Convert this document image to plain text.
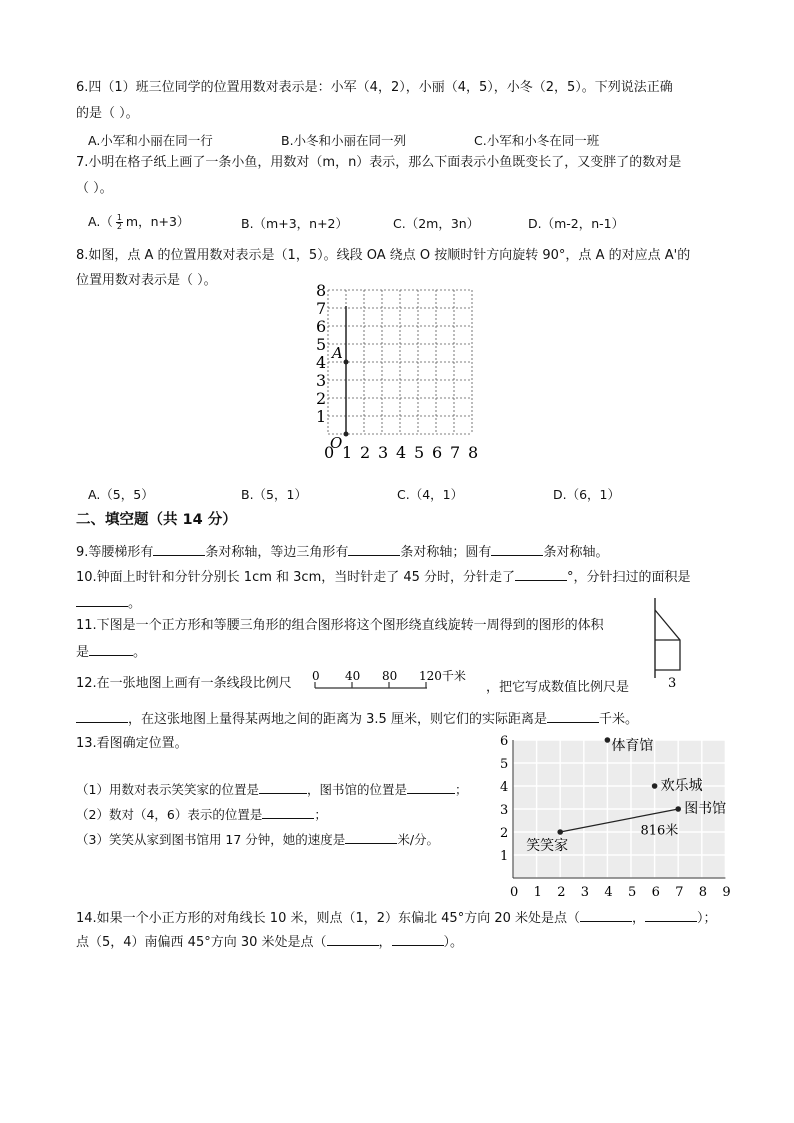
6.四（1）班三位同学的位置用数对表示是：小军（4，2），小丽（4，5），小冬（2，5）。下列说法正确
的是（ ）。
A.小军和小丽在同一行	B.小冬和小丽在同一列	C.小军和小冬在同一班
7.小明在格子纸上画了一条小鱼，用数对（m，n）表示，那么下面表示小鱼既变长了，又变胖了的数对是
（ ）。
$A.( \frac{1}{2}$ m，n+3）	B.（m+3，n+2）	C.（2m，3n）	D.（m-2，n-1）
8.如图，点 A 的位置用数对表示是（1，5）。线段 OA 绕点 O 按顺时针方向旋转 90°，点 A 的对应点 A'的
位置用数对表示是（ ）。
A
O
0 1 2 3 4 5 6 7 8
1
2
3
4
5
6
7
8
A.（5，5）	B.（5，1）	C.（4，1）	D.（6，1）
二、填空题（共 14 分）
9.等腰梯形有	条对称轴，等边三角形有	条对称轴；圆有	条对称轴。
10.钟面上时针和分针分别长 1cm 和 3cm，当时针走了 45 分时，分针走了	°，分针扫过的面积是
。
11.下图是一个正方形和等腰三角形的组合图形将这个图形绕直线旋转一周得到的图形的体积
是	。
3
12.在一张地图上画有一条线段比例尺 0 40 80 120千米
，把它写成数值比例尺是
，在这张地图上量得某两地之间的距离为 3.5 厘米，则它们的实际距离是	千米。
13.看图确定位置。
（1）用数对表示笑笑家的位置是	，图书馆的位置是	；
（2）数对（4，6）表示的位置是	；
（3）笑笑从家到图书馆用 17 分钟，她的速度是	米/分。
体育馆
欢乐城
图书馆
笑笑家
816米
0 1 2 3 4 5 6 7 8 9
1
2
3
4
5
6
14.如果一个小正方形的对角线长 10 米，则点（1，2）东偏北 45°方向 20 米处是点（	，	）；
点（5，4）南偏西 45°方向 30 米处是点（	，	）。
